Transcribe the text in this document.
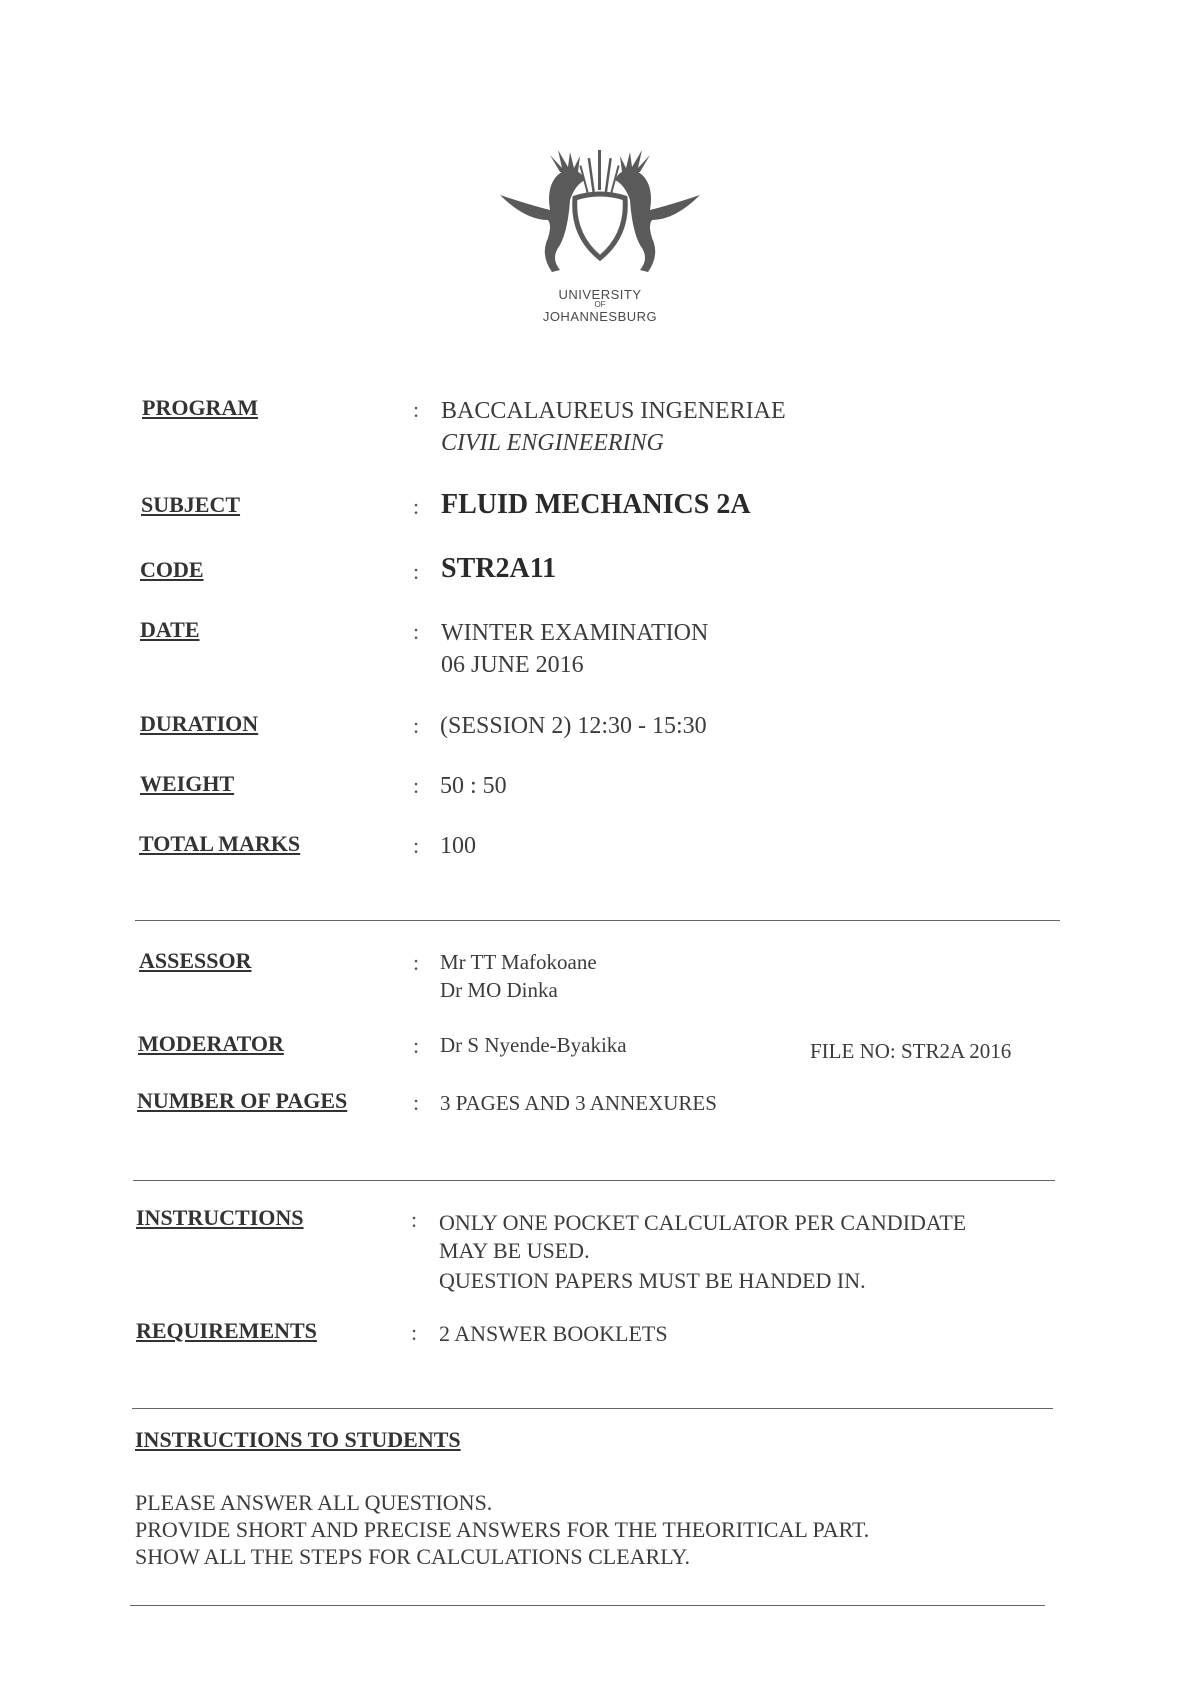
UNIVERSITY
OF
JOHANNESBURG
PROGRAM	: BACCALAUREUS INGENERIAE
CIVIL ENGINEERING
SUBJECT	: FLUID MECHANICS 2A
CODE	: STR2A11
DATE	: WINTER EXAMINATION
06 JUNE 2016
DURATION	: (SESSION 2) 12:30 - 15:30
WEIGHT	: 50 : 50
TOTAL MARKS	: 100
ASSESSOR	: Mr TT Mafokoane
Dr MO Dinka
MODERATOR	: Dr S Nyende-Byakika	FILE NO: STR2A 2016
NUMBER OF PAGES	: 3 PAGES AND 3 ANNEXURES
INSTRUCTIONS	: ONLY ONE POCKET CALCULATOR PER CANDIDATE
MAY BE USED.
QUESTION PAPERS MUST BE HANDED IN.
REQUIREMENTS	: 2 ANSWER BOOKLETS
INSTRUCTIONS TO STUDENTS
PLEASE ANSWER ALL QUESTIONS.
PROVIDE SHORT AND PRECISE ANSWERS FOR THE THEORITICAL PART.
SHOW ALL THE STEPS FOR CALCULATIONS CLEARLY.
